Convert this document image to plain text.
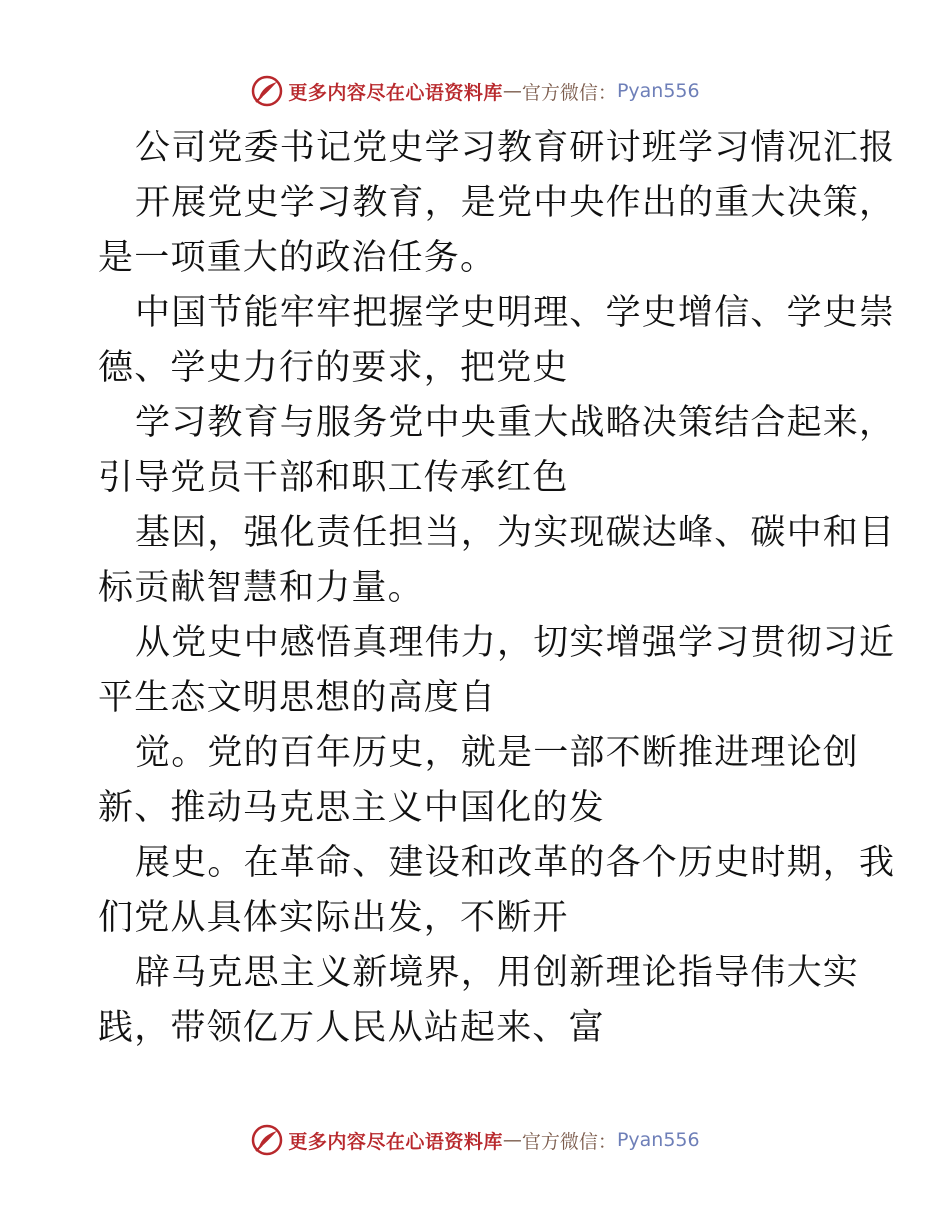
更多内容尽在心语资料库 — 官方微信： Pyan556
公司党委书记党史学习教育研讨班学习情况汇报
开展党史学习教育，是党中央作出的重大决策，
是一项重大的政治任务。
中国节能牢牢把握学史明理、学史增信、学史崇
德、学史力行的要求，把党史
学习教育与服务党中央重大战略决策结合起来，
引导党员干部和职工传承红色
基因，强化责任担当，为实现碳达峰、碳中和目
标贡献智慧和力量。
从党史中感悟真理伟力，切实增强学习贯彻习近
平生态文明思想的高度自
觉。党的百年历史，就是一部不断推进理论创
新、推动马克思主义中国化的发
展史。在革命、建设和改革的各个历史时期，我
们党从具体实际出发，不断开
辟马克思主义新境界，用创新理论指导伟大实
践，带领亿万人民从站起来、富
更多内容尽在心语资料库 — 官方微信： Pyan556
